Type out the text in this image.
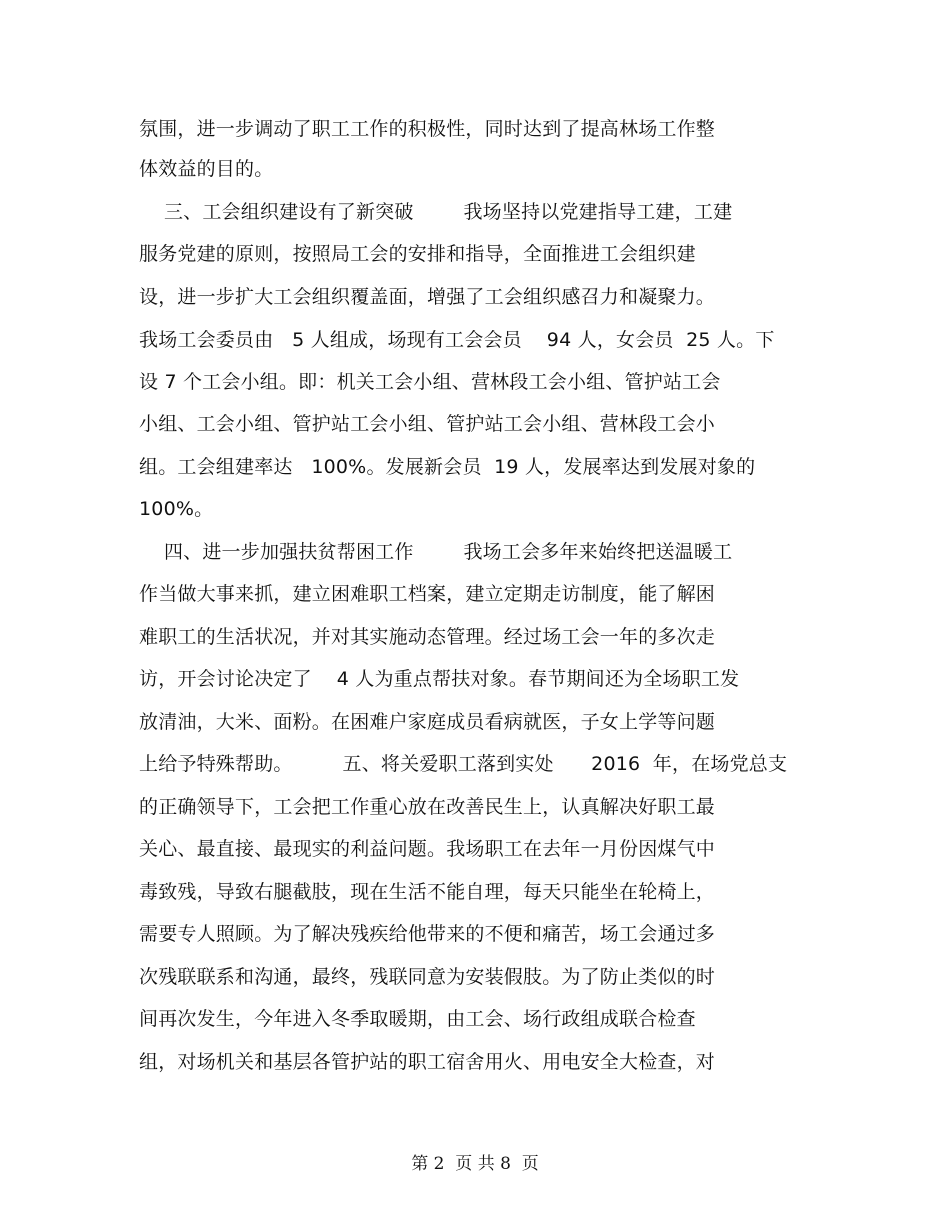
氛围，进一步调动了职工工作的积极性，同时达到了提高林场工作整
体效益的目的。
三、工会组织建设有了新突破        我场坚持以党建指导工建，工建
服务党建的原则，按照局工会的安排和指导，全面推进工会组织建
设，进一步扩大工会组织覆盖面，增强了工会组织感召力和凝聚力。
我场工会委员由   5 人组成，场现有工会会员    94 人，女会员  25 人。下
设 7 个工会小组。即：机关工会小组、营林段工会小组、管护站工会
小组、工会小组、管护站工会小组、管护站工会小组、营林段工会小
组。工会组建率达   100%。发展新会员  19 人，发展率达到发展对象的
100%。
四、进一步加强扶贫帮困工作        我场工会多年来始终把送温暖工
作当做大事来抓，建立困难职工档案，建立定期走访制度，能了解困
难职工的生活状况，并对其实施动态管理。经过场工会一年的多次走
访，开会讨论决定了    4 人为重点帮扶对象。春节期间还为全场职工发
放清油，大米、面粉。在困难户家庭成员看病就医，子女上学等问题
上给予特殊帮助。        五、将关爱职工落到实处      2016  年，在场党总支
的正确领导下，工会把工作重心放在改善民生上，认真解决好职工最
关心、最直接、最现实的利益问题。我场职工在去年一月份因煤气中
毒致残，导致右腿截肢，现在生活不能自理，每天只能坐在轮椅上，
需要专人照顾。为了解决残疾给他带来的不便和痛苦，场工会通过多
次残联联系和沟通，最终，残联同意为安装假肢。为了防止类似的时
间再次发生，今年进入冬季取暖期，由工会、场行政组成联合检查
组，对场机关和基层各管护站的职工宿舍用火、用电安全大检查，对
第 2  页 共 8  页
